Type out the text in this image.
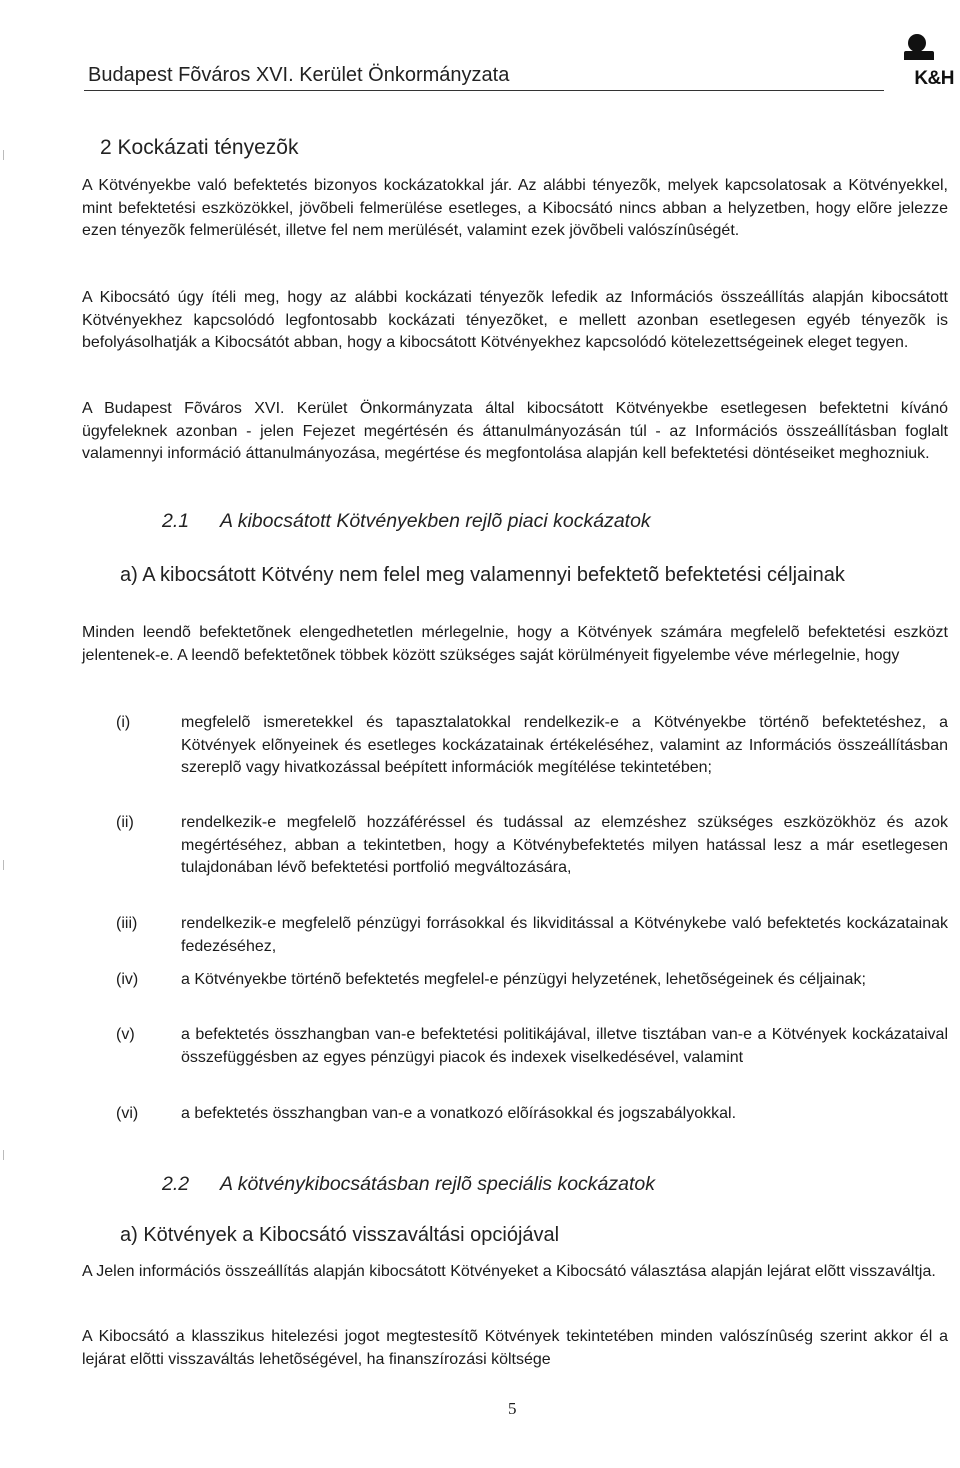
Budapest Fõváros XVI. Kerület Önkormányzata	K&H
2 Kockázati tényezõk

A Kötvényekbe való befektetés bizonyos kockázatokkal jár. Az alábbi tényezõk, melyek kapcsolatosak a Kötvényekkel, mint befektetési eszközökkel, jövõbeli felmerülése esetleges, a Kibocsátó nincs abban a helyzetben, hogy elõre jelezze ezen tényezõk felmerülését, illetve fel nem merülését, valamint ezek jövõbeli valószínûségét.

A Kibocsátó úgy ítéli meg, hogy az alábbi kockázati tényezõk lefedik az Információs összeállítás alapján kibocsátott Kötvényekhez kapcsolódó legfontosabb kockázati tényezõket, e mellett azonban esetlegesen egyéb tényezõk is befolyásolhatják a Kibocsátót abban, hogy a kibocsátott Kötvényekhez kapcsolódó kötelezettségeinek eleget tegyen.

A Budapest Fõváros XVI. Kerület Önkormányzata által kibocsátott Kötvényekbe esetlegesen befektetni kívánó ügyfeleknek azonban - jelen Fejezet megértésén és áttanulmányozásán túl - az Információs összeállításban foglalt valamennyi információ áttanulmányozása, megértése és megfontolása alapján kell befektetési döntéseiket meghozniuk.

2.1 A kibocsátott Kötvényekben rejlõ piaci kockázatok
a) A kibocsátott Kötvény nem felel meg valamennyi befektetõ befektetési céljainak

Minden leendõ befektetõnek elengedhetetlen mérlegelnie, hogy a Kötvények számára megfelelõ befektetési eszközt jelentenek-e. A leendõ befektetõnek többek között szükséges saját körülményeit figyelembe véve mérlegelnie, hogy

(i)	megfelelõ ismeretekkel és tapasztalatokkal rendelkezik-e a Kötvényekbe történõ befektetéshez, a Kötvények elõnyeinek és esetleges kockázatainak értékeléséhez, valamint az Információs összeállításban szereplõ vagy hivatkozással beépített információk megítélése tekintetében;

(ii)	rendelkezik-e megfelelõ hozzáféréssel és tudással az elemzéshez szükséges eszközökhöz és azok megértéséhez, abban a tekintetben, hogy a Kötvénybefektetés milyen hatással lesz a már esetlegesen tulajdonában lévõ befektetési portfolió megváltozására,

(iii)	rendelkezik-e megfelelõ pénzügyi forrásokkal és likviditással a Kötvénykebe való befektetés kockázatainak fedezéséhez,

(iv)	a Kötvényekbe történõ befektetés megfelel-e pénzügyi helyzetének, lehetõségeinek és céljainak;

(v)	a befektetés összhangban van-e befektetési politikájával, illetve tisztában van-e a Kötvények kockázataival összefüggésben az egyes pénzügyi piacok és indexek viselkedésével, valamint

(vi)	a befektetés összhangban van-e a vonatkozó elõírásokkal és jogszabályokkal.

2.2 A kötvénykibocsátásban rejlõ speciális kockázatok
a) Kötvények a Kibocsátó visszaváltási opciójával

A Jelen információs összeállítás alapján kibocsátott Kötvényeket a Kibocsátó választása alapján lejárat elõtt visszaváltja.

A Kibocsátó a klasszikus hitelezési jogot megtestesítõ Kötvények tekintetében minden valószínûség szerint akkor él a lejárat elõtti visszaváltás lehetõségével, ha finanszírozási költsége

5
